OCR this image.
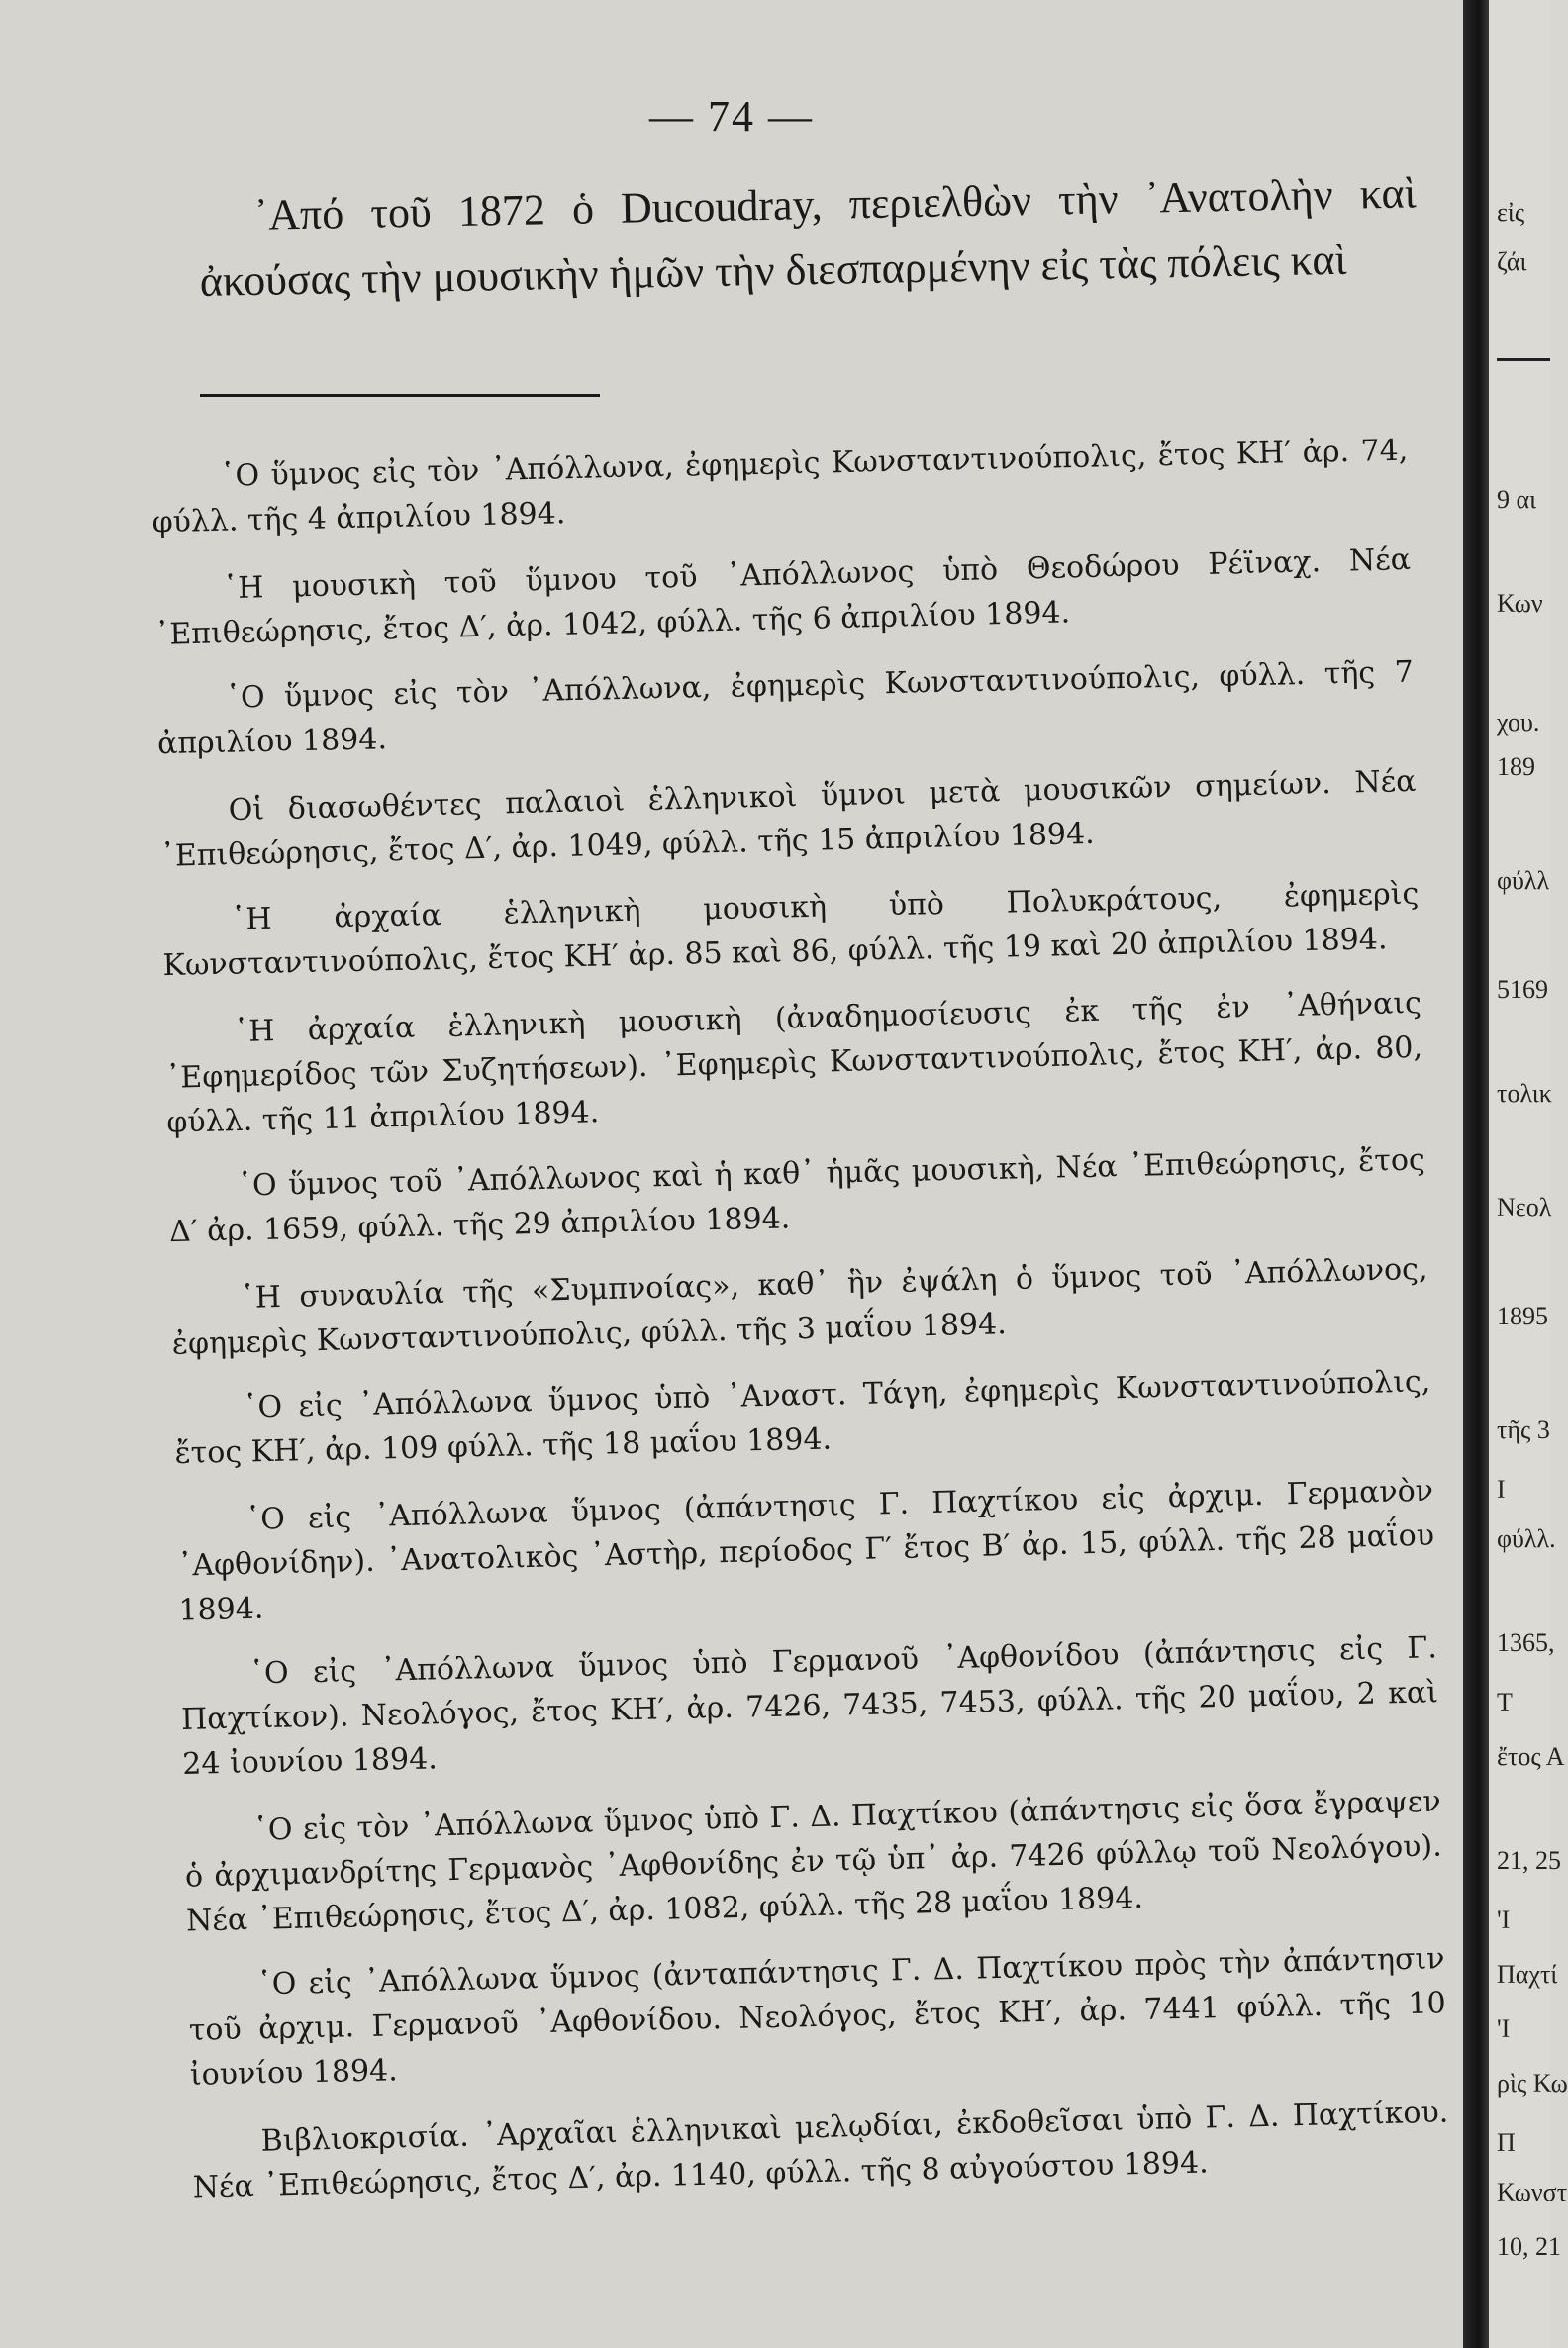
— 74 —

᾿Από τοῦ 1872 ὁ Ducoudray, περιελθὼν τὴν ᾿Ανατολὴν καὶ ἀκούσας τὴν μουσικὴν ἡμῶν τὴν διεσπαρμένην εἰς τὰς πόλεις καὶ

῾Ο ὕμνος εἰς τὸν ᾿Απόλλωνα, ἐφημερὶς Κωνσταντινούπολις, ἔτος ΚΗ′ ἀρ. 74, φύλλ. τῆς 4 ἀπριλίου 1894.

῾Η μουσικὴ τοῦ ὕμνου τοῦ ᾿Απόλλωνος ὑπὸ Θεοδώρου Ρέϊναχ. Νέα ᾿Επιθεώρησις, ἔτος Δ′, ἀρ. 1042, φύλλ. τῆς 6 ἀπριλίου 1894.

῾Ο ὕμνος εἰς τὸν ᾿Απόλλωνα, ἐφημερὶς Κωνσταντινούπολις, φύλλ. τῆς 7 ἀπριλίου 1894.

Οἱ διασωθέντες παλαιοὶ ἑλληνικοὶ ὕμνοι μετὰ μουσικῶν σημείων. Νέα ᾿Επιθεώρησις, ἔτος Δ′, ἀρ. 1049, φύλλ. τῆς 15 ἀπριλίου 1894.

῾Η ἀρχαία ἑλληνικὴ μουσικὴ ὑπὸ Πολυκράτους, ἐφημερὶς Κωνσταντινούπολις, ἔτος ΚΗ′ ἀρ. 85 καὶ 86, φύλλ. τῆς 19 καὶ 20 ἀπριλίου 1894.

῾Η ἀρχαία ἑλληνικὴ μουσικὴ (ἀναδημοσίευσις ἐκ τῆς ἐν ᾿Αθήναις ᾿Εφημερίδος τῶν Συζητήσεων). ᾿Εφημερὶς Κωνσταντινούπολις, ἔτος ΚΗ′, ἀρ. 80, φύλλ. τῆς 11 ἀπριλίου 1894.

῾Ο ὕμνος τοῦ ᾿Απόλλωνος καὶ ἡ καθ᾿ ἡμᾶς μουσικὴ, Νέα ᾿Επιθεώρησις, ἔτος Δ′ ἀρ. 1659, φύλλ. τῆς 29 ἀπριλίου 1894.

῾Η συναυλία τῆς «Συμπνοίας», καθ᾿ ἣν ἐψάλη ὁ ὕμνος τοῦ ᾿Απόλλωνος, ἐφημερὶς Κωνσταντινούπολις, φύλλ. τῆς 3 μαΐου 1894.

῾Ο εἰς ᾿Απόλλωνα ὕμνος ὑπὸ ᾿Αναστ. Τάγη, ἐφημερὶς Κωνσταντινούπολις, ἔτος ΚΗ′, ἀρ. 109 φύλλ. τῆς 18 μαΐου 1894.

῾Ο εἰς ᾿Απόλλωνα ὕμνος (ἀπάντησις Γ. Παχτίκου εἰς ἀρχιμ. Γερμανὸν ᾿Αφθονίδην). ᾿Ανατολικὸς ᾿Αστὴρ, περίοδος Γ′ ἔτος Β′ ἀρ. 15, φύλλ. τῆς 28 μαΐου 1894.

῾Ο εἰς ᾿Απόλλωνα ὕμνος ὑπὸ Γερμανοῦ ᾿Αφθονίδου (ἀπάντησις εἰς Γ. Παχτίκον). Νεολόγος, ἔτος ΚΗ′, ἀρ. 7426, 7435, 7453, φύλλ. τῆς 20 μαΐου, 2 καὶ 24 ἰουνίου 1894.

῾Ο εἰς τὸν ᾿Απόλλωνα ὕμνος ὑπὸ Γ. Δ. Παχτίκου (ἀπάντησις εἰς ὅσα ἔγραψεν ὁ ἀρχιμανδρίτης Γερμανὸς ᾿Αφθονίδης ἐν τῷ ὑπ᾿ ἀρ. 7426 φύλλῳ τοῦ Νεολόγου). Νέα ᾿Επιθεώρησις, ἔτος Δ′, ἀρ. 1082, φύλλ. τῆς 28 μαΐου 1894.

῾Ο εἰς ᾿Απόλλωνα ὕμνος (ἀνταπάντησις Γ. Δ. Παχτίκου πρὸς τὴν ἀπάντησιν τοῦ ἀρχιμ. Γερμανοῦ ᾿Αφθονίδου. Νεολόγος, ἔτος ΚΗ′, ἀρ. 7441 φύλλ. τῆς 10 ἰουνίου 1894.

Βιβλιοκρισία. ᾿Αρχαῖαι ἑλληνικαὶ μελῳδίαι, ἐκδοθεῖσαι ὑπὸ Γ. Δ. Παχτίκου. Νέα ᾿Επιθεώρησις, ἔτος Δ′, ἀρ. 1140, φύλλ. τῆς 8 αὐγούστου 1894.

εἰς
ζάι
9 αι
Κων
χου.
189
φύλλ
5169
τολικ
Νεολ
1895
τῆς 3
Ι
φύλλ.
1365,
Τ
ἔτος Α
21, 25
'Ι
Παχτί
'Ι
ρὶς Κω
Π
Κωνστ
10, 21
